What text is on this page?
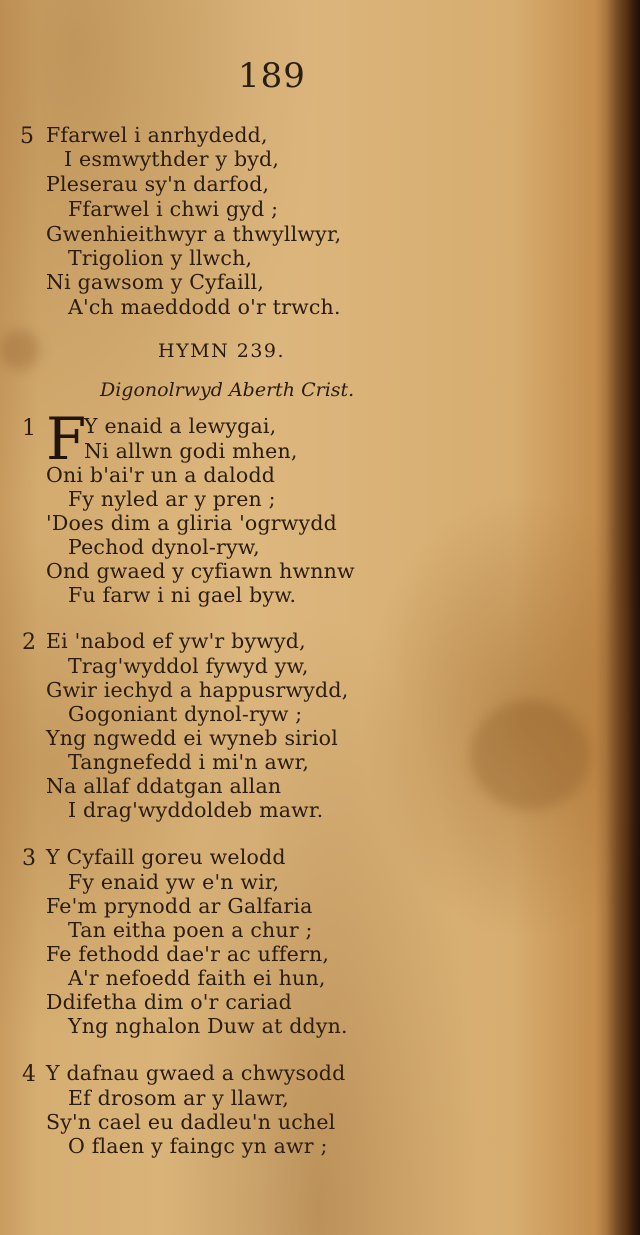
189
5 Ffarwel i anrhydedd,
I esmwythder y byd,
Pleserau sy'n darfod,
Ffarwel i chwi gyd ;
Gwenhieithwyr a thwyllwyr,
Trigolion y llwch,
Ni gawsom y Cyfaill,
A'ch maeddodd o'r trwch.
HYMN 239.
Digonolrwyd Aberth Crist.
1 F
Y enaid a lewygai,
Ni allwn godi mhen,
Oni b'ai'r un a dalodd
Fy nyled ar y pren ;
'Does dim a gliria 'ogrwydd
Pechod dynol-ryw,
Ond gwaed y cyfiawn hwnnw
Fu farw i ni gael byw.
2 Ei 'nabod ef yw'r bywyd,
Trag'wyddol fywyd yw,
Gwir iechyd a happusrwydd,
Gogoniant dynol-ryw ;
Yng ngwedd ei wyneb siriol
Tangnefedd i mi'n awr,
Na allaf ddatgan allan
I drag'wyddoldeb mawr.
3 Y Cyfaill goreu welodd
Fy enaid yw e'n wir,
Fe'm prynodd ar Galfaria
Tan eitha poen a chur ;
Fe fethodd dae'r ac uffern,
A'r nefoedd faith ei hun,
Ddifetha dim o'r cariad
Yng nghalon Duw at ddyn.
4 Y dafnau gwaed a chwysodd
Ef drosom ar y llawr,
Sy'n cael eu dadleu'n uchel
O flaen y faingc yn awr ;
